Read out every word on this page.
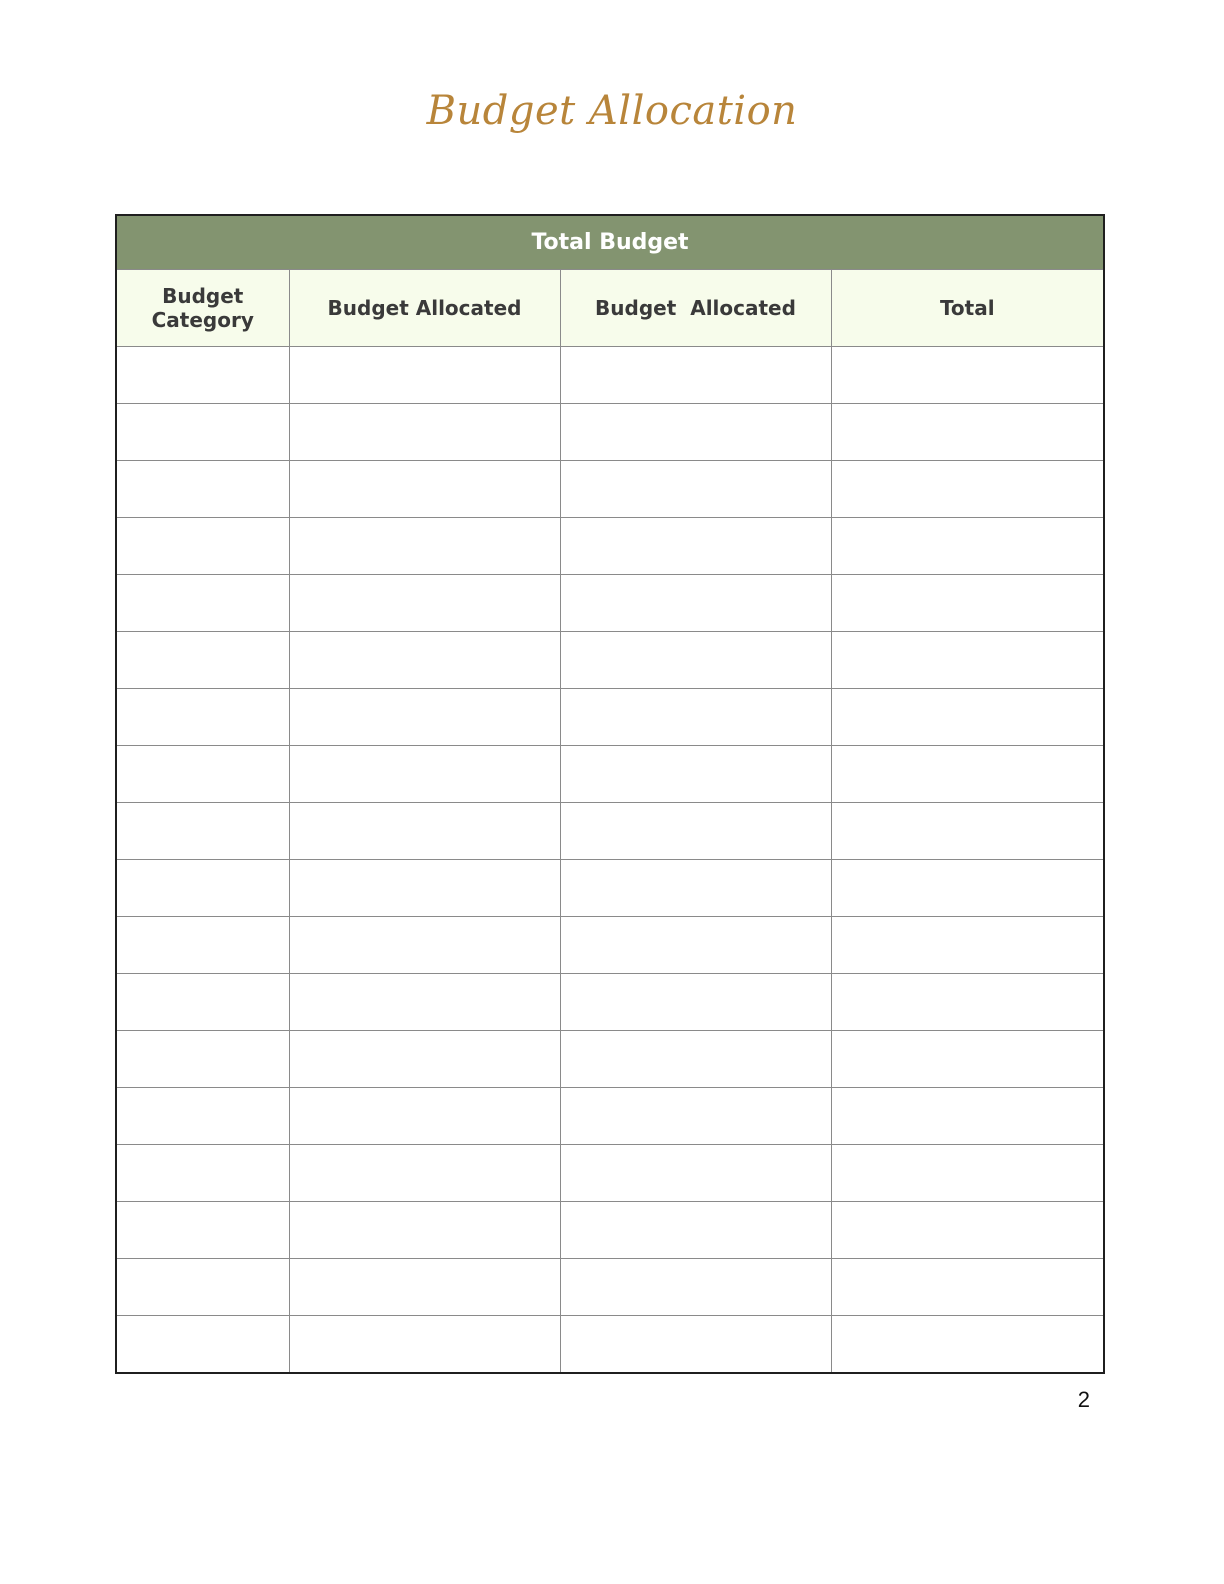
Budget Allocation
Total Budget			
Budget
Category	Budget Allocated	Budget  Allocated	Total

2
